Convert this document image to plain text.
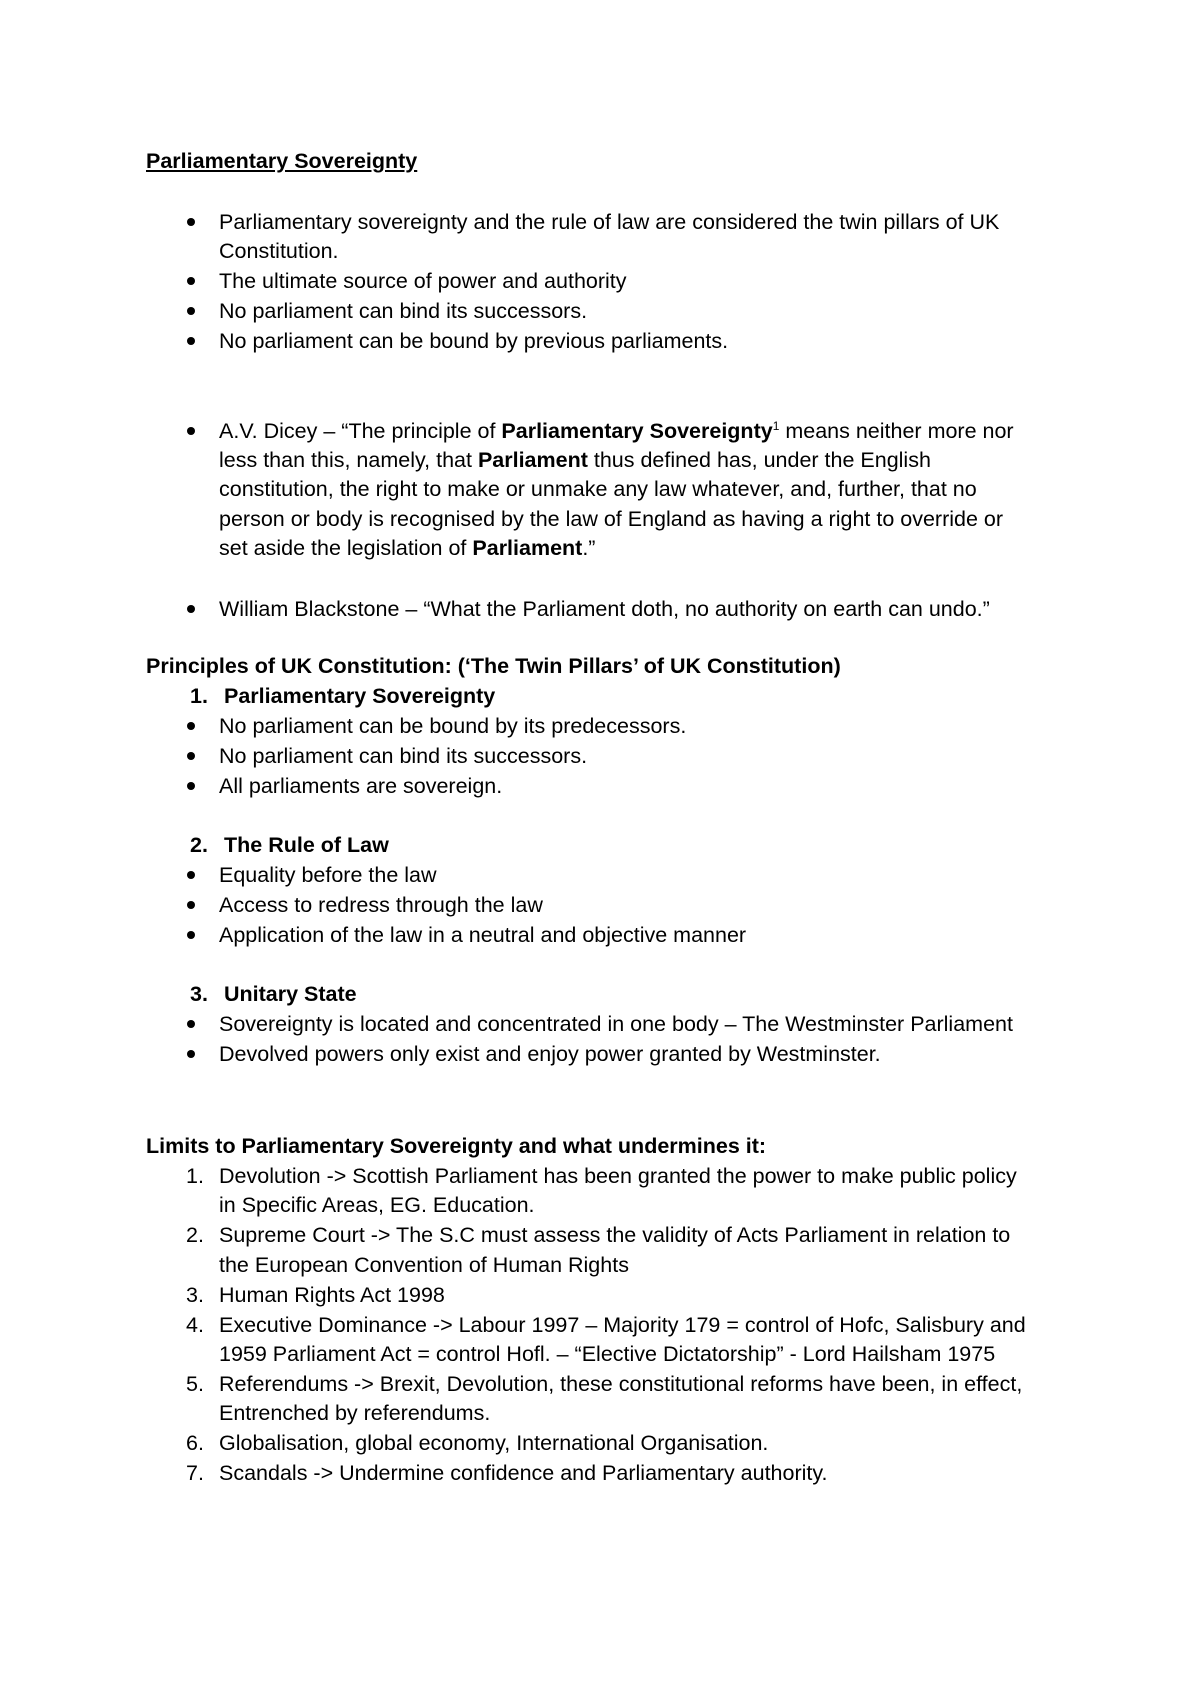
Parliamentary Sovereignty
Parliamentary sovereignty and the rule of law are considered the twin pillars of UK
Constitution.
The ultimate source of power and authority
No parliament can bind its successors.
No parliament can be bound by previous parliaments.
A.V. Dicey – “The principle of Parliamentary Sovereignty$^1$ means neither more nor
less than this, namely, that Parliament thus defined has, under the English
constitution, the right to make or unmake any law whatever, and, further, that no
person or body is recognised by the law of England as having a right to override or
set aside the legislation of Parliament.”
William Blackstone – “What the Parliament doth, no authority on earth can undo.”
Principles of UK Constitution: (‘The Twin Pillars’ of UK Constitution)
1. Parliamentary Sovereignty
No parliament can be bound by its predecessors.
No parliament can bind its successors.
All parliaments are sovereign.
2. The Rule of Law
Equality before the law
Access to redress through the law
Application of the law in a neutral and objective manner
3. Unitary State
Sovereignty is located and concentrated in one body – The Westminster Parliament
Devolved powers only exist and enjoy power granted by Westminster.
Limits to Parliamentary Sovereignty and what undermines it:
1. Devolution -> Scottish Parliament has been granted the power to make public policy
in Specific Areas, EG. Education.
2. Supreme Court -> The S.C must assess the validity of Acts Parliament in relation to
the European Convention of Human Rights
3. Human Rights Act 1998
4. Executive Dominance -> Labour 1997 – Majority 179 = control of Hofc, Salisbury and
1959 Parliament Act = control Hofl. – “Elective Dictatorship” - Lord Hailsham 1975
5. Referendums -> Brexit, Devolution, these constitutional reforms have been, in effect,
Entrenched by referendums.
6. Globalisation, global economy, International Organisation.
7. Scandals -> Undermine confidence and Parliamentary authority.
